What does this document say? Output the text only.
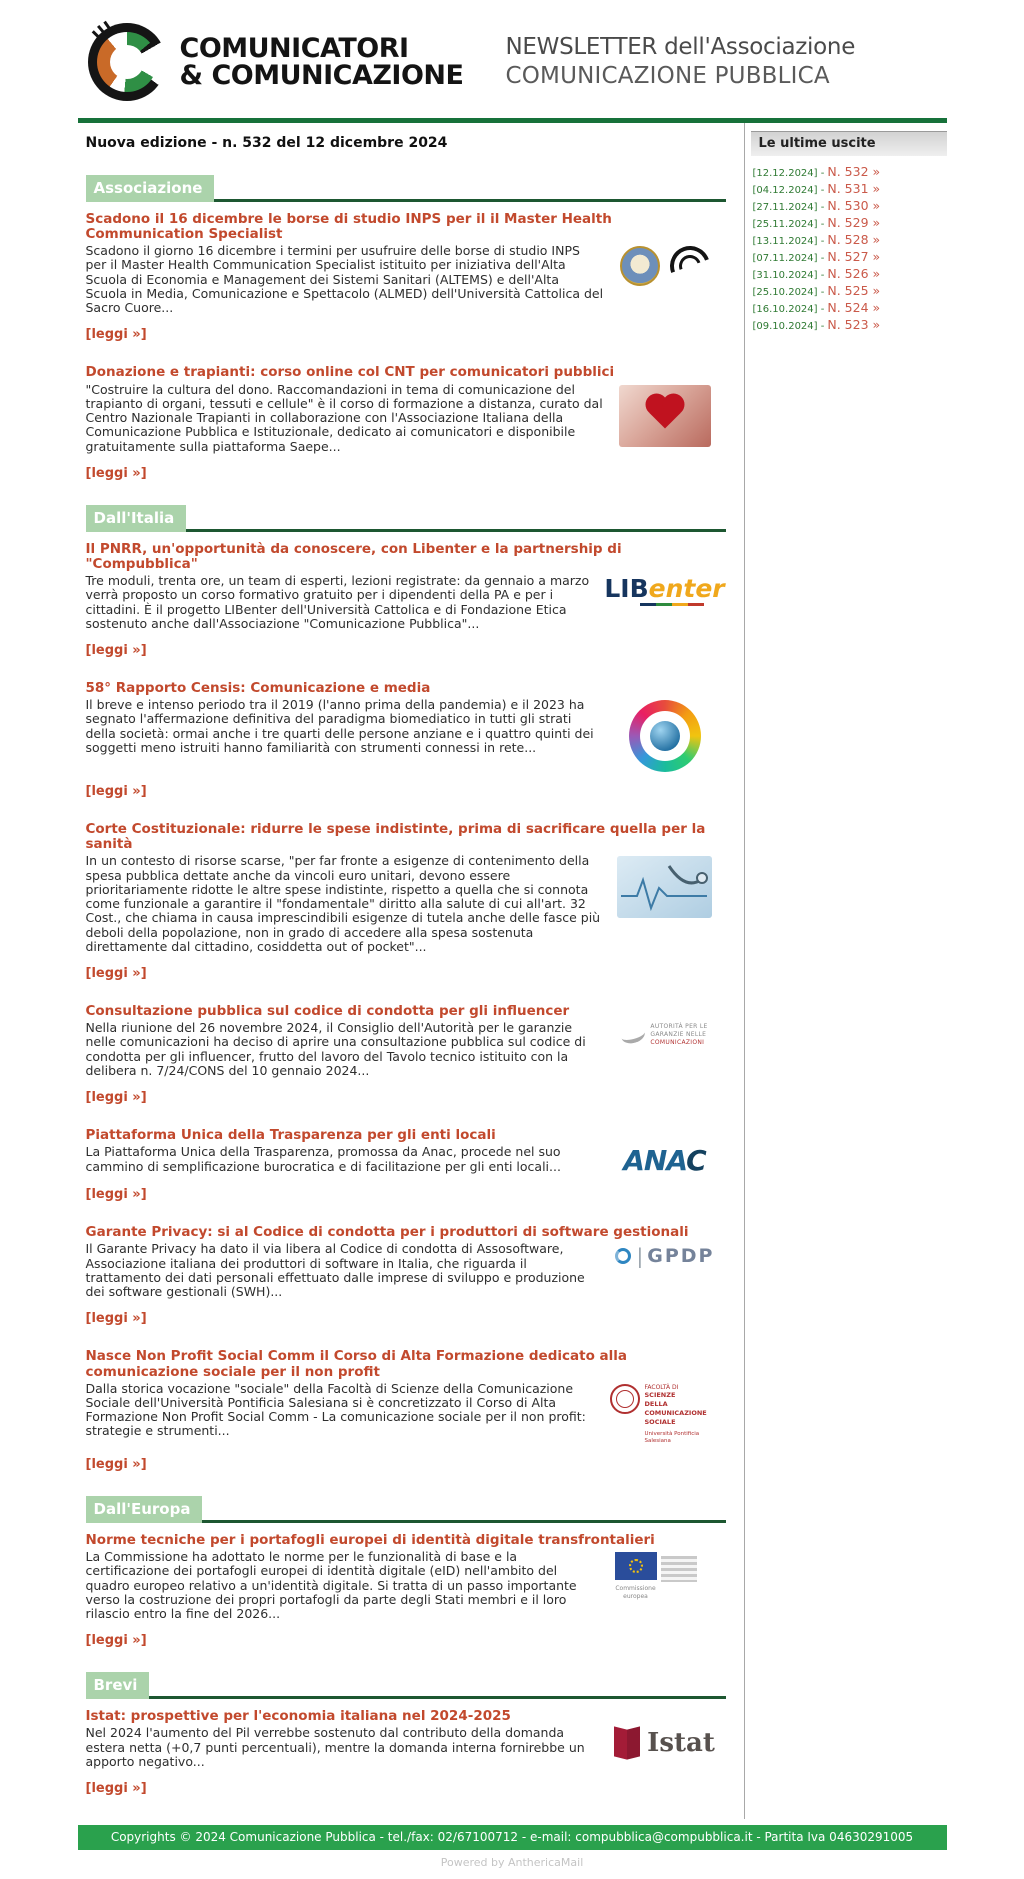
COMUNICATORI
& COMUNICAZIONE
NEWSLETTER dell'Associazione
COMUNICAZIONE PUBBLICA
Nuova edizione - n. 532 del 12 dicembre 2024
Associazione
Scadono il 16 dicembre le borse di studio INPS per il il Master Health Communication Specialist

Scadono il giorno 16 dicembre i termini per usufruire delle borse di studio INPS per il Master Health Communication Specialist istituito per iniziativa dell'Alta Scuola di Economia e Management dei Sistemi Sanitari (ALTEMS) e dell'Alta Scuola in Media, Comunicazione e Spettacolo (ALMED) dell'Università Cattolica del Sacro Cuore...

[leggi »]
Donazione e trapianti: corso online col CNT per comunicatori pubblici

"Costruire la cultura del dono. Raccomandazioni in tema di comunicazione del trapianto di organi, tessuti e cellule" è il corso di formazione a distanza, curato dal Centro Nazionale Trapianti in collaborazione con l'Associazione Italiana della Comunicazione Pubblica e Istituzionale, dedicato ai comunicatori e disponibile gratuitamente sulla piattaforma Saepe...

[leggi »]
Dall'Italia
Il PNRR, un'opportunità da conoscere, con Libenter e la partnership di "Compubblica"

Tre moduli, trenta ore, un team di esperti, lezioni registrate: da gennaio a marzo verrà proposto un corso formativo gratuito per i dipendenti della PA e per i cittadini. È il progetto LIBenter dell'Università Cattolica e di Fondazione Etica sostenuto anche dall'Associazione "Comunicazione Pubblica"...

LIBenter
[leggi »]
58° Rapporto Censis: Comunicazione e media

Il breve e intenso periodo tra il 2019 (l'anno prima della pandemia) e il 2023 ha segnato l'affermazione definitiva del paradigma biomediatico in tutti gli strati della società: ormai anche i tre quarti delle persone anziane e i quattro quinti dei soggetti meno istruiti hanno familiarità con strumenti connessi in rete...

[leggi »]
Corte Costituzionale: ridurre le spese indistinte, prima di sacrificare quella per la sanità

In un contesto di risorse scarse, "per far fronte a esigenze di contenimento della spesa pubblica dettate anche da vincoli euro unitari, devono essere prioritariamente ridotte le altre spese indistinte, rispetto a quella che si connota come funzionale a garantire il "fondamentale" diritto alla salute di cui all'art. 32 Cost., che chiama in causa imprescindibili esigenze di tutela anche delle fasce più deboli della popolazione, non in grado di accedere alla spesa sostenuta direttamente dal cittadino, cosiddetta out of pocket"...

[leggi »]
Consultazione pubblica sul codice di condotta per gli influencer

Nella riunione del 26 novembre 2024, il Consiglio dell'Autorità per le garanzie nelle comunicazioni ha deciso di aprire una consultazione pubblica sul codice di condotta per gli influencer, frutto del lavoro del Tavolo tecnico istituito con la delibera n. 7/24/CONS del 10 gennaio 2024...

AUTORITÀ PER LE
GARANZIE NELLE
COMUNICAZIONI
[leggi »]
Piattaforma Unica della Trasparenza per gli enti locali

La Piattaforma Unica della Trasparenza, promossa da Anac, procede nel suo cammino di semplificazione burocratica e di facilitazione per gli enti locali...	ANAC
[leggi »]
Garante Privacy: si al Codice di condotta per i produttori di software gestionali

Il Garante Privacy ha dato il via libera al Codice di condotta di Assosoftware, Associazione italiana dei produttori di software in Italia, che riguarda il trattamento dei dati personali effettuato dalle imprese di sviluppo e produzione dei software gestionali (SWH)...

| GPDP
[leggi »]
Nasce Non Profit Social Comm il Corso di Alta Formazione dedicato alla comunicazione sociale per il non profit

Dalla storica vocazione "sociale" della Facoltà di Scienze della Comunicazione Sociale dell'Università Pontificia Salesiana si è concretizzato il Corso di Alta Formazione Non Profit Social Comm - La comunicazione sociale per il non profit: strategie e strumenti...

FACOLTÀ DI
SCIENZE
DELLA COMUNICAZIONE
SOCIALE
Università Pontificia Salesiana
[leggi »]
Dall'Europa
Norme tecniche per i portafogli europei di identità digitale transfrontalieri

La Commissione ha adottato le norme per le funzionalità di base e la certificazione dei portafogli europei di identità digitale (eID) nell'ambito del quadro europeo relativo a un'identità digitale. Si tratta di un passo importante verso la costruzione dei propri portafogli da parte degli Stati membri e il loro rilascio entro la fine del 2026...

Commissione europea
[leggi »]
Brevi
Istat: prospettive per l'economia italiana nel 2024-2025

Nel 2024 l'aumento del Pil verrebbe sostenuto dal contributo della domanda estera netta (+0,7 punti percentuali), mentre la domanda interna fornirebbe un apporto negativo...

Istat
[leggi »]
Le ultime uscite
[12.12.2024] - N. 532 »
[04.12.2024] - N. 531 »
[27.11.2024] - N. 530 »
[25.11.2024] - N. 529 »
[13.11.2024] - N. 528 »
[07.11.2024] - N. 527 »
[31.10.2024] - N. 526 »
[25.10.2024] - N. 525 »
[16.10.2024] - N. 524 »
[09.10.2024] - N. 523 »
Copyrights © 2024 Comunicazione Pubblica - tel./fax: 02/67100712 - e-mail: compubblica@compubblica.it - Partita Iva 04630291005
Powered by AnthericaMail
